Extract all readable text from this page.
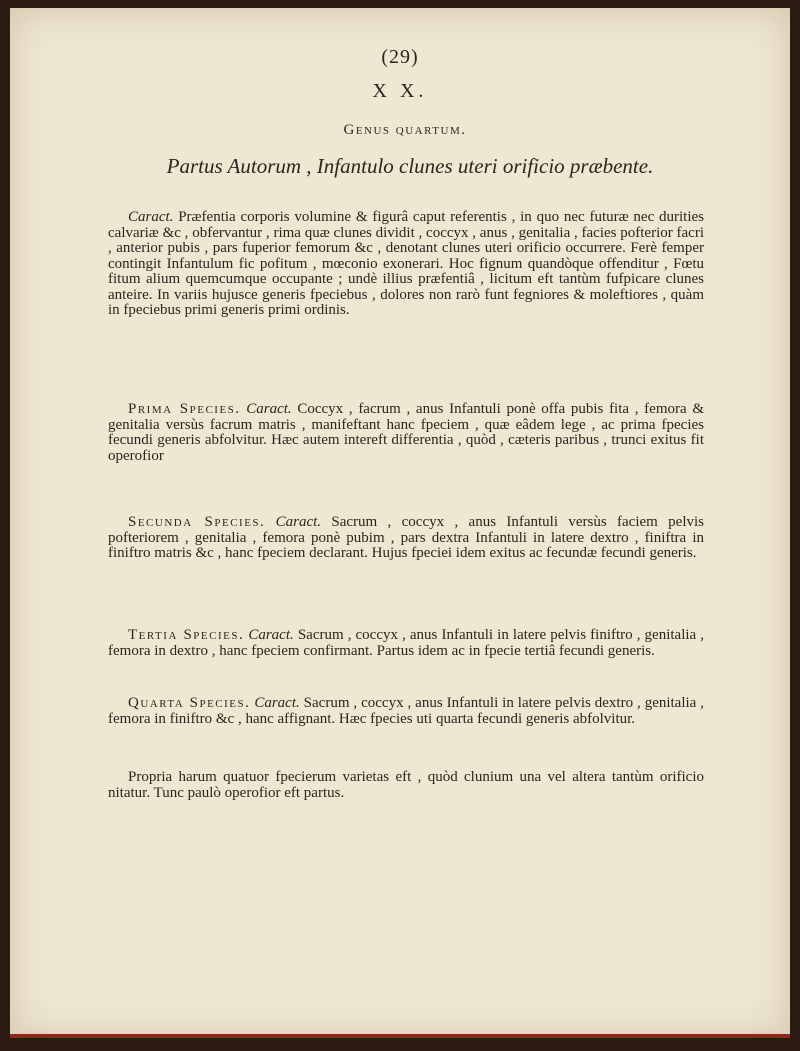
(29)
X X.
Genus quartum.
Partus Autorum , Infantulo clunes uteri orificio præbente.

Caract. Præfentia corporis volumine & figurâ caput referentis , in quo nec futuræ nec durities calvariæ &c , obfervantur , rima quæ clunes dividit , coccyx , anus , genitalia , facies pofterior facri , anterior pubis , pars fuperior femorum &c , denotant clunes uteri orificio occurrere. Ferè femper contingit Infantulum fic pofitum , mœconio exonerari. Hoc fignum quandòque offenditur , Fœtu fitum alium quemcumque occupante ; undè illius præfentiâ , licitum eft tantùm fufpicare clunes anteire. In variis hujusce generis fpeciebus , dolores non rarò funt fegniores & moleftiores , quàm in fpeciebus primi generis primi ordinis.

Prima Species. Caract. Coccyx , facrum , anus Infantuli ponè offa pubis fita , femora & genitalia versùs facrum matris , manifeftant hanc fpeciem , quæ eâdem lege , ac prima fpecies fecundi generis abfolvitur. Hæc autem intereft differentia , quòd , cæteris paribus , trunci exitus fit operofior

Secunda Species. Caract. Sacrum , coccyx , anus Infantuli versùs faciem pelvis pofteriorem , genitalia , femora ponè pubim , pars dextra Infantuli in latere dextro , finiftra in finiftro matris &c , hanc fpeciem declarant. Hujus fpeciei idem exitus ac fecundæ fecundi generis.

Tertia Species. Caract. Sacrum , coccyx , anus Infantuli in latere pelvis finiftro , genitalia , femora in dextro , hanc fpeciem confirmant. Partus idem ac in fpecie tertiâ fecundi generis.

Quarta Species. Caract. Sacrum , coccyx , anus Infantuli in latere pelvis dextro , genitalia , femora in finiftro &c , hanc affignant. Hæc fpecies uti quarta fecundi generis abfolvitur.

Propria harum quatuor fpecierum varietas eft , quòd clunium una vel altera tantùm orificio nitatur. Tunc paulò operofior eft partus.
